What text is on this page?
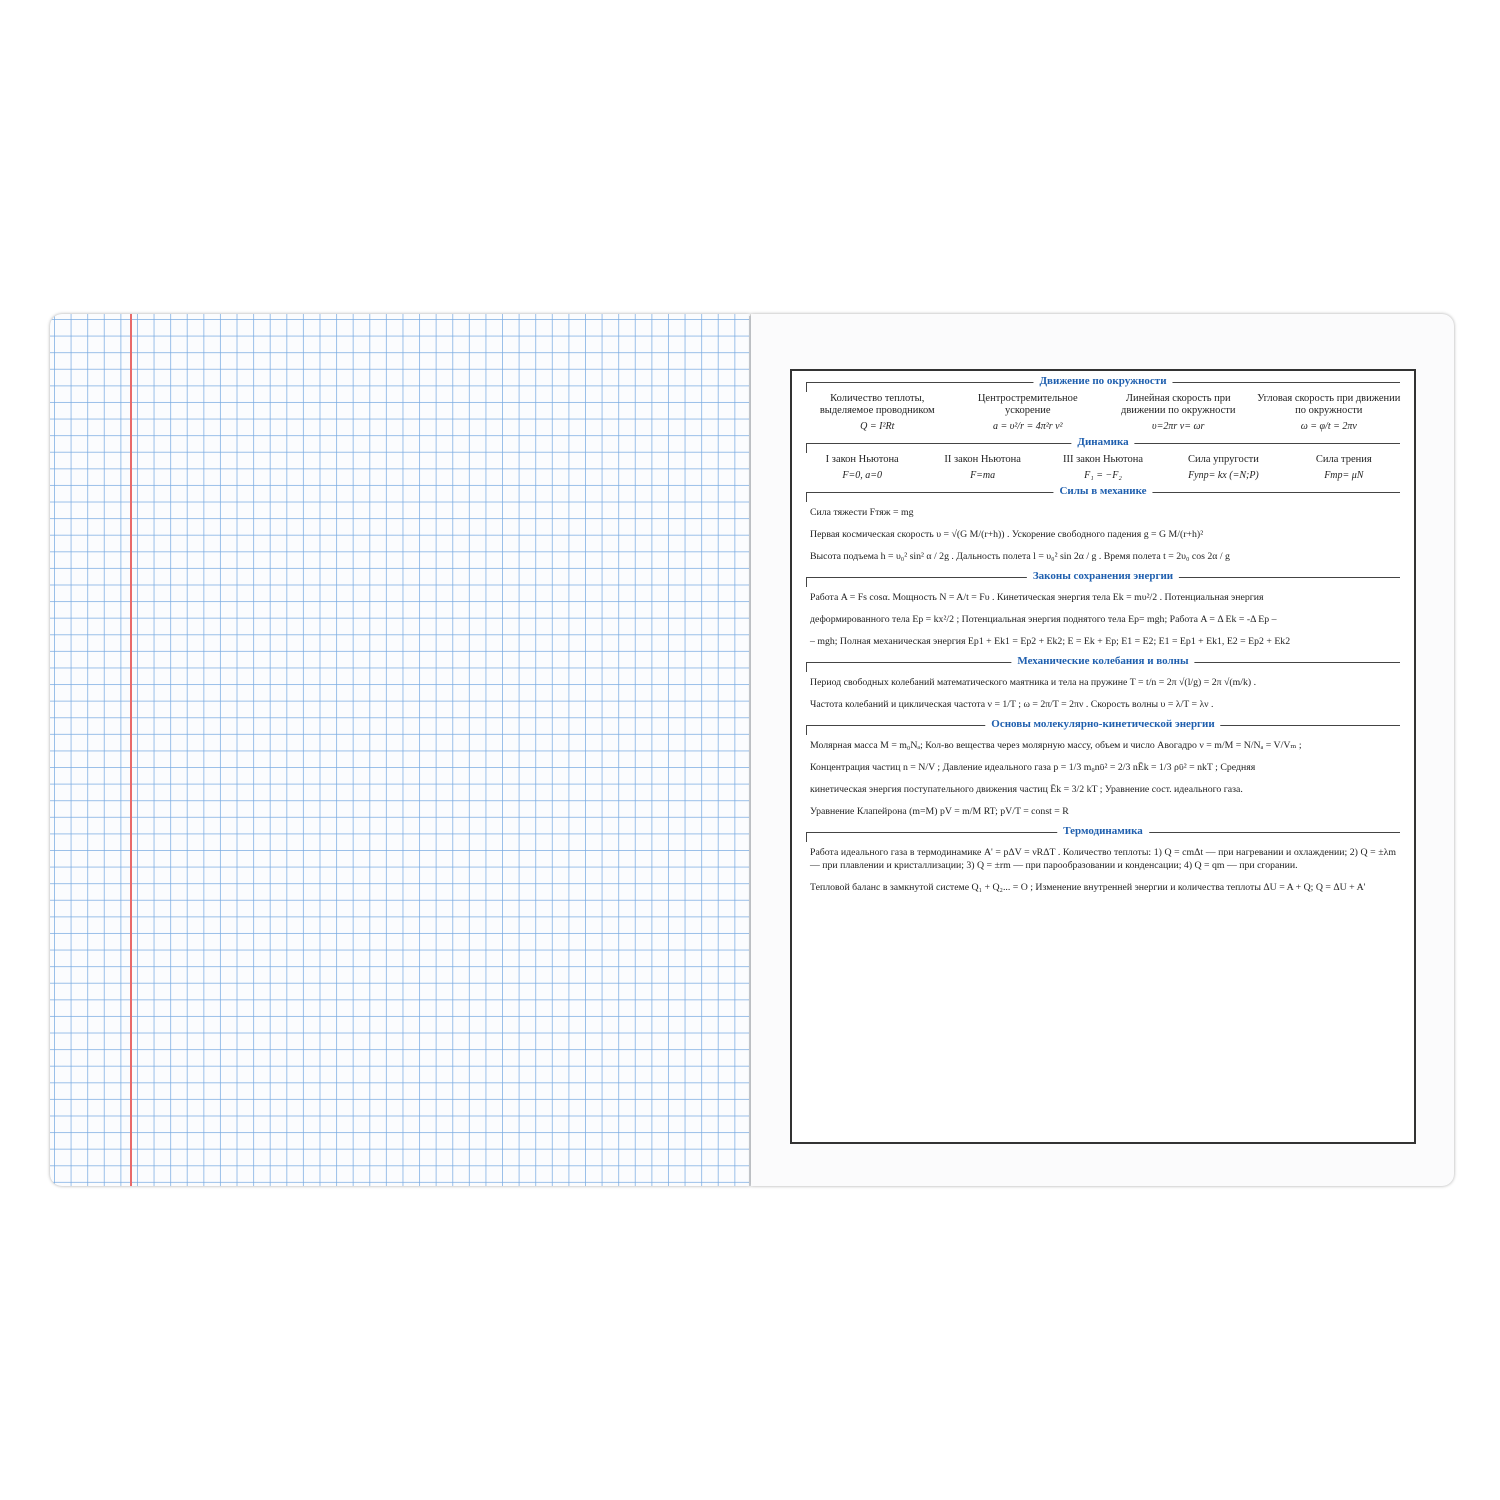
Движение по окружности
Количество теплоты, выделяемое проводником
Q = I²Rt
Центростремительное ускорение
a = υ²/r = 4π²r ν²
Линейная скорость при движении по окружности
υ=2πr ν= ωr
Угловая скорость при движении по окружности
ω = φ/t = 2πν
Динамика
I закон Ньютона
F=0, a=0
II закон Ньютона
F=ma
III закон Ньютона
F₁ = −F₂
Сила упругости
Fупр= kx (=N;P)
Сила трения
Fтр= μN
Силы в механике

Сила тяжести Fтяж = mg

Первая космическая скорость υ = √(G M/(r+h)) . Ускорение свободного падения g = G M/(r+h)²

Высота подъема h = υ₀² sin² α / 2g . Дальность полета l = υ₀² sin 2α / g . Время полета t = 2υ₀ cos 2α / g

Законы сохранения энергии

Работа A = Fs cosα. Мощность N = A/t = Fυ . Кинетическая энергия тела Ek = mυ²/2 . Потенциальная энергия

деформированного тела Ep = kx²/2 ; Потенциальная энергия поднятого тела Ep= mgh; Работа A = Δ Ek = -Δ Ep –

– mgh; Полная механическая энергия Ep1 + Ek1 = Ep2 + Ek2; E = Ek + Ep; E1 = E2; E1 = Ep1 + Ek1, E2 = Ep2 + Ek2

Механические колебания и волны

Период свободных колебаний математического маятника и тела на пружине T = t/n = 2π √(l/g) = 2π √(m/k) .

Частота колебаний и циклическая частота ν = 1/T ; ω = 2π/T = 2πν . Скорость волны υ = λ/T = λν .

Основы молекулярно-кинетической энергии

Молярная масса M = m₀Nₐ; Кол-во вещества через молярную массу, объем и число Авогадро ν = m/M = N/Nₐ = V/Vₘ ;

Концентрация частиц n = N/V ; Давление идеального газа p = 1/3 m₀nῡ² = 2/3 nĒk = 1/3 ρῡ² = nkT ; Средняя

кинетическая энергия поступательного движения частиц Ēk = 3/2 kT ; Уравнение сост. идеального газа.

Уравнение Клапейрона (m=M) pV = m/M RT; pV/T = const = R

Термодинамика

Работа идеального газа в термодинамике A' = pΔV = νRΔT . Количество теплоты: 1) Q = cmΔt — при нагревании и охлаждении; 2) Q = ±λm — при плавлении и кристаллизации; 3) Q = ±rm — при парообразовании и конденсации; 4) Q = qm — при сгорании.

Тепловой баланс в замкнутой системе Q₁ + Q₂... = O ; Изменение внутренней энергии и количества теплоты ΔU = A + Q; Q = ΔU + A'
